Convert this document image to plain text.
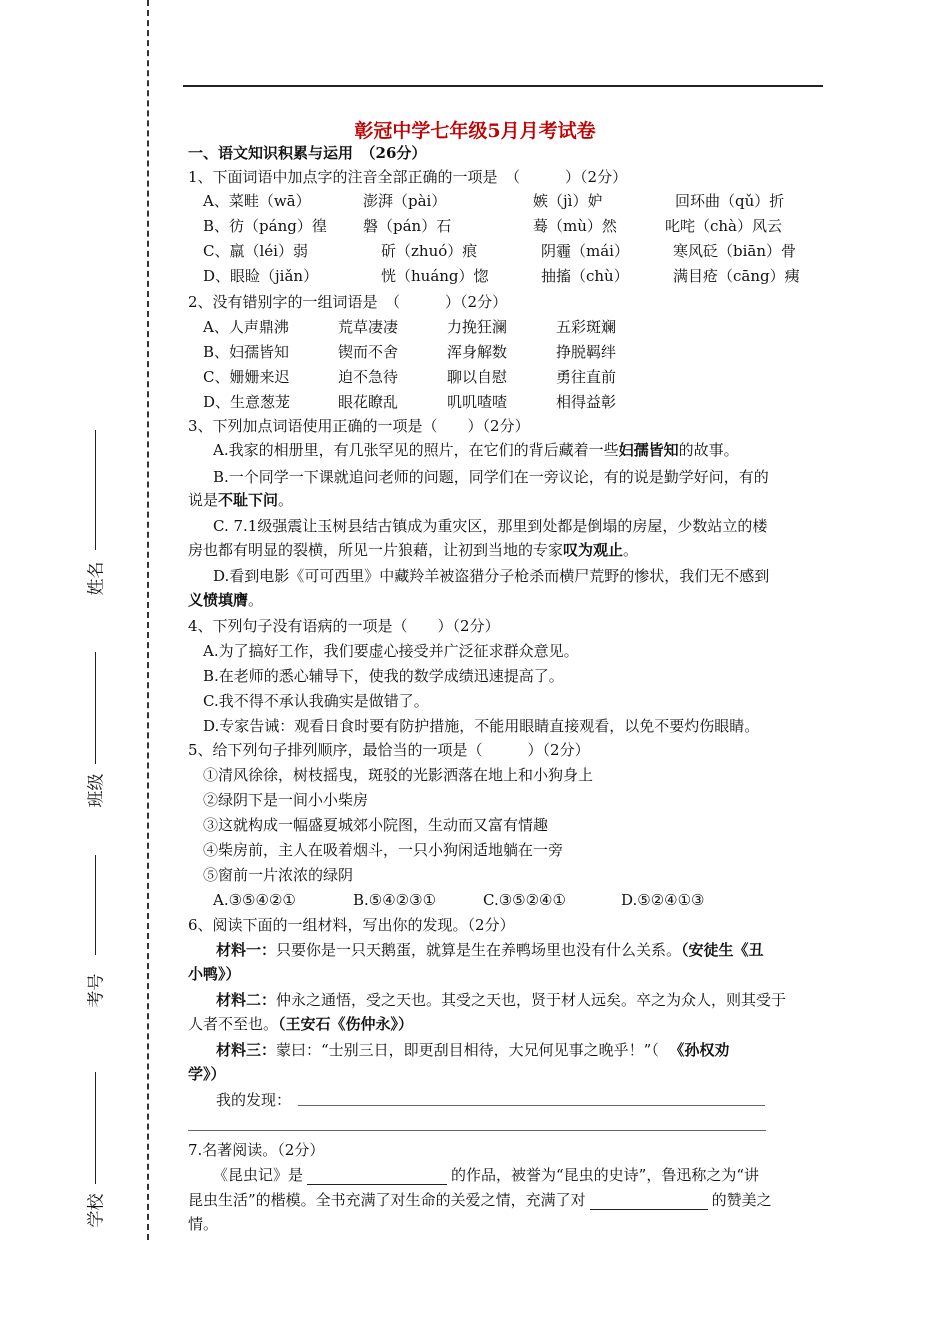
姓名
班级
考号
学校
彰冠中学七年级5月月考试卷
一、语文知识积累与运用　（26分）
1、下面词语中加点字的注音全部正确的一项是　（　　　）（2分）
A、菜畦（wā）	澎湃（pài）	嫉（jì）妒	回环曲（qǔ）折
B、彷（páng）徨 磐（pán）石	蓦（mù）然	叱咤（chà）风云
C、羸（léi）弱	斫（zhuó）痕	阴霾（mái）	寒风砭（biān）骨
D、眼睑（jiǎn）	恍（huáng）惚	抽搐（chù）	满目疮（cāng）痍
2、没有错别字的一组词语是　（　　　）（2分）
A、人声鼎沸	荒草凄凄	力挽狂澜	五彩斑斓
B、妇孺皆知	锲而不舍	浑身解数	挣脱羁绊
C、姗姗来迟	迫不急待	聊以自慰	勇往直前
D、生意葱茏	眼花瞭乱	叽叽喳喳	相得益彰
3、下列加点词语使用正确的一项是（　　）（2分）
A.我家的相册里，有几张罕见的照片，在它们的背后藏着一些妇孺皆知的故事。
B.一个同学一下课就追问老师的问题，同学们在一旁议论，有的说是勤学好问，有的
说是不耻下问。
C. 7.1级强震让玉树县结古镇成为重灾区，那里到处都是倒塌的房屋，少数站立的楼
房也都有明显的裂横，所见一片狼藉，让初到当地的专家叹为观止。
D.看到电影《可可西里》中藏羚羊被盗猎分子枪杀而横尸荒野的惨状，我们无不感到
义愤填膺。
4、下列句子没有语病的一项是（　　）（2分）
A.为了搞好工作，我们要虚心接受并广泛征求群众意见。
B.在老师的悉心辅导下，使我的数学成绩迅速提高了。
C.我不得不承认我确实是做错了。
D.专家告诫：观看日食时要有防护措施，不能用眼睛直接观看，以免不要灼伤眼睛。
5、给下列句子排列顺序，最恰当的一项是（　　　）（2分）
①清风徐徐，树枝摇曳，斑驳的光影洒落在地上和小狗身上
②绿阴下是一间小小柴房
③这就构成一幅盛夏城郊小院图，生动而又富有情趣
④柴房前，主人在吸着烟斗，一只小狗闲适地躺在一旁
⑤窗前一片浓浓的绿阴
A.③⑤④②①	B.⑤④②③①	C.③⑤②④①	D.⑤②④①③
6、阅读下面的一组材料，写出你的发现。（2分）
材料一：只要你是一只天鹅蛋，就算是生在养鸭场里也没有什么关系。（安徒生《丑
小鸭》）
材料二：仲永之通悟，受之天也。其受之天也，贤于材人远矣。卒之为众人，则其受于
人者不至也。（王安石《伤仲永》）
材料三：蒙曰：“士别三日，即更刮目相待，大兄何见事之晚乎！”（ 《孙权劝
学》）
我的发现：
7.名著阅读。（2分）
《昆虫记》是	的作品，被誉为“昆虫的史诗”，鲁迅称之为“讲
昆虫生活”的楷模。全书充满了对生命的关爱之情，充满了对	的赞美之
情。
